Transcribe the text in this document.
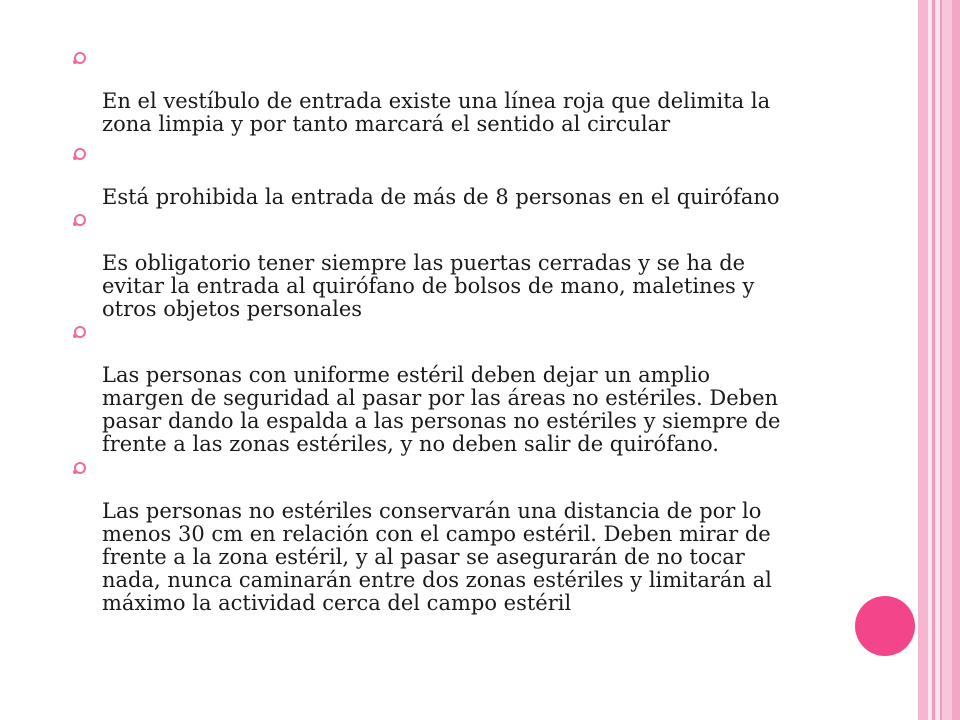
En el vestíbulo de entrada existe una línea roja que delimita la
zona limpia y por tanto marcará el sentido al circular

Está prohibida la entrada de más de 8 personas en el quirófano

Es obligatorio tener siempre las puertas cerradas y se ha de
evitar la entrada al quirófano de bolsos de mano, maletines y
otros objetos personales

Las personas con uniforme estéril deben dejar un amplio
margen de seguridad al pasar por las áreas no estériles. Deben
pasar dando la espalda a las personas no estériles y siempre de
frente a las zonas estériles, y no deben salir de quirófano.

Las personas no estériles conservarán una distancia de por lo
menos 30 cm en relación con el campo estéril. Deben mirar de
frente a la zona estéril, y al pasar se asegurarán de no tocar
nada, nunca caminarán entre dos zonas estériles y limitarán al
máximo la actividad cerca del campo estéril
